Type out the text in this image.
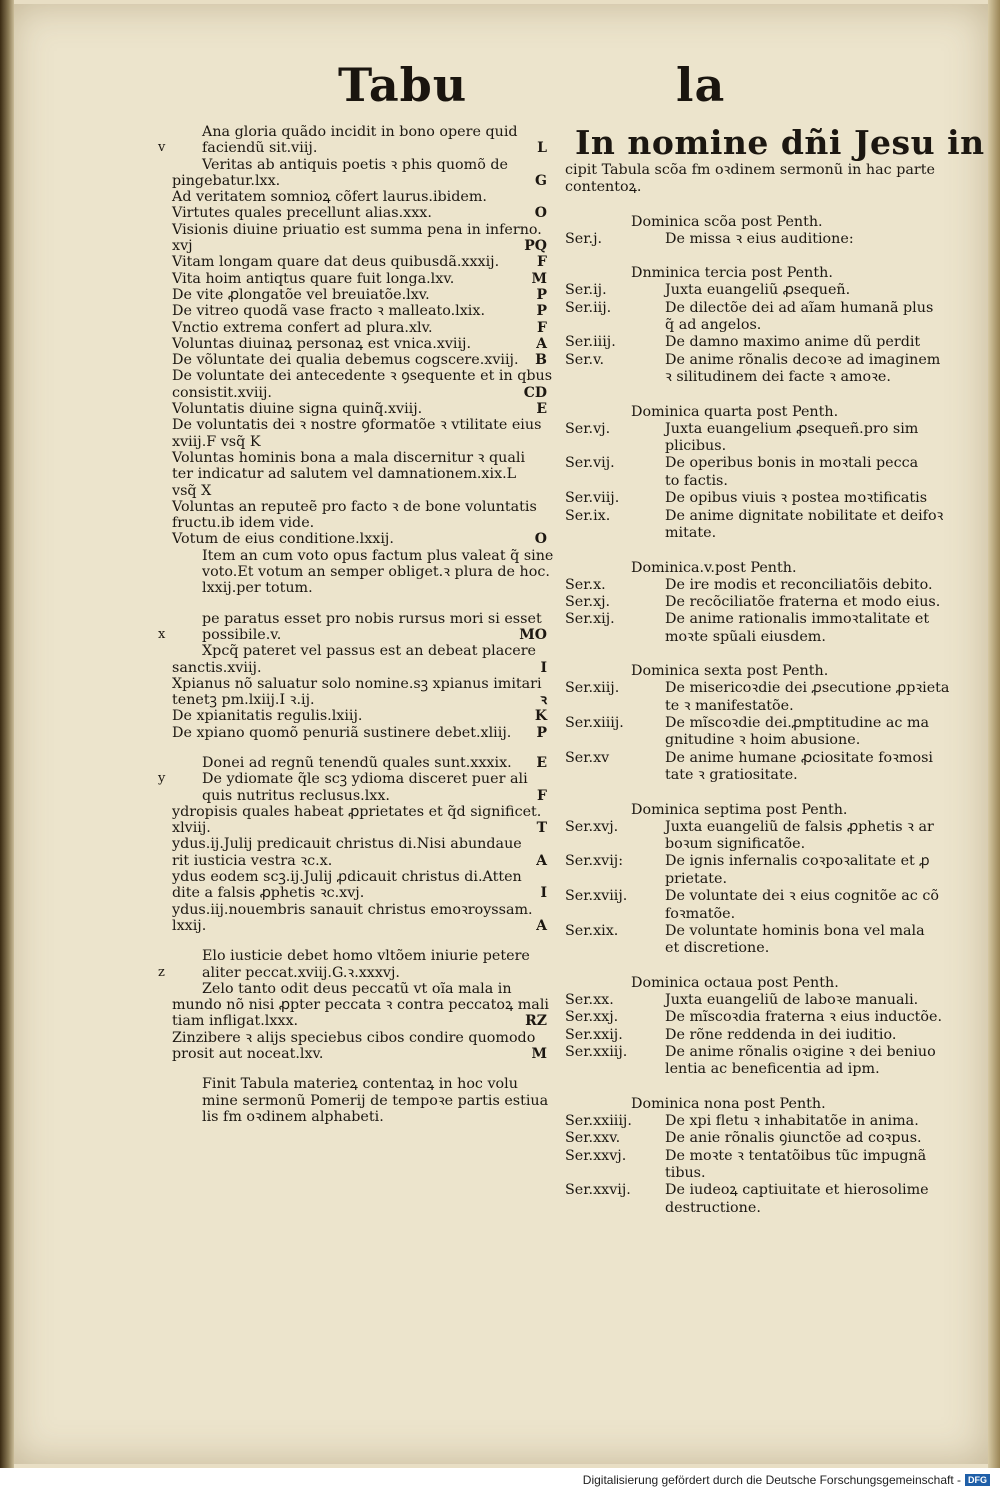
Tabu	la
Ana gloria quãdo incidit in bono opere quid
faciendũ sit.viij.	L
v
Veritas ab antiquis poetis ꝛ phis quomõ de
pingebatur.lxx.	G
Ad veritatem somnioꝝ cõfert laurus.ibidem.
Virtutes quales precellunt alias.xxx.	O
Visionis diuine priuatio est summa pena in inferno.
xvj	PQ
Vitam longam quare dat deus quibusdã.xxxij.	F
Vita hoim antiqtus quare fuit longa.lxv.	M
De vite ꝓlongatõe vel breuiatõe.lxv.	P
De vitreo quodã vase fracto ꝛ malleato.lxix.	P
Vnctio extrema confert ad plura.xlv.	F
Voluntas diuinaꝝ personaꝝ est vnica.xviij.	A
De võluntate dei qualia debemus cogscere.xviij. B
De voluntate dei antecedente ꝛ ꝯsequente et in qbus
consistit.xviij.	CD
Voluntatis diuine signa quinq̃.xviij.	E
De voluntatis dei ꝛ nostre ꝯformatõe ꝛ vtilitate eius
xviij.F vsq̃ K
Voluntas hominis bona a mala discernitur ꝛ quali
ter indicatur ad salutem vel damnationem.xix.L
vsq̃ X
Voluntas an reputeẽ pro facto ꝛ de bone voluntatis
fructu.ib idem vide.
Votum de eius conditione.lxxij.	O
Item an cum voto opus factum plus valeat q̃ sine
voto.Et votum an semper obliget.ꝛ plura de hoc.
lxxij.per totum.
pe paratus esset pro nobis rursus mori si esset
possibile.v.	MO
x
Xpcq̃ pateret vel passus est an debeat placere
sanctis.xviij.	I
Xpianus nõ saluatur solo nomine.sꝫ xpianus imitari
tenetꝫ pm.lxiij.I ꝛ.ij.	ꝛ
De xpianitatis regulis.lxiij.	K
De xpiano quomõ penuriã sustinere debet.xliij. P
Donei ad regnũ tenendũ quales sunt.xxxix. E
De ydiomate q̃le scꝫ ydioma disceret puer ali
y
quis nutritus reclusus.lxx.	F
ydropisis quales habeat ꝓprietates et q̃d significet.
xlviij.	T
ydus.ij.Julij predicauit christus di.Nisi abundaue
rit iusticia vestra ꝛc.x.	A
ydus eodem scꝫ.ij.Julij ꝓdicauit christus di.Atten
dite a falsis ꝓphetis ꝛc.xvj.	I
ydus.iij.nouembris sanauit christus emoꝛroyssam.
lxxij.	A
Elo iusticie debet homo vltõem iniurie petere
aliter peccat.xviij.G.ꝛ.xxxvj.
z
Zelo tanto odit deus peccatũ vt oĩa mala in
mundo nõ nisi ꝓpter peccata ꝛ contra peccatoꝝ mali
tiam infligat.lxxx.	RZ
Zinzibere ꝛ alijs speciebus cibos condire quomodo
prosit aut noceat.lxv.	M
Finit Tabula materieꝝ contentaꝝ in hoc volu
mine sermonũ Pomerij de tempoꝛe partis estiua
lis fm oꝛdinem alphabeti.
In nomine dñi Jesu in
cipit Tabula scõa fm oꝛdinem sermonũ in hac parte
contentoꝝ.
Dominica scõa post Penth.
Ser.j.	De missa ꝛ eius auditione:
Dnminica tercia post Penth.
Ser.ij.	Juxta euangeliũ ꝓsequeñ.
Ser.iij.	De dilectõe dei ad aĩam humanã plus
q̃ ad angelos.
Ser.iiij.	De damno maximo anime dũ perdit
Ser.v.	De anime rõnalis decoꝛe ad imaginem
ꝛ silitudinem dei facte ꝛ amoꝛe.
Dominica quarta post Penth.
Ser.vj.	Juxta euangelium ꝓsequeñ.pro sim
plicibus.
Ser.vij.	De operibus bonis in moꝛtali pecca
to factis.
Ser.viij.	De opibus viuis ꝛ postea moꝛtificatis
Ser.ix.	De anime dignitate nobilitate et deifoꝛ
mitate.
Dominica.v.post Penth.
Ser.x.	De ire modis et reconciliatõis debito.
Ser.xj.	De recõciliatõe fraterna et modo eius.
Ser.xij.	De anime rationalis immoꝛtalitate et
moꝛte spũali eiusdem.
Dominica sexta post Penth.
Ser.xiij.	De misericoꝛdie dei ꝓsecutione ꝓpꝛieta
te ꝛ manifestatõe.
Ser.xiiij.	De mĩscoꝛdie dei.ꝓmptitudine ac ma
gnitudine ꝛ hoim abusione.
Ser.xv	De anime humane ꝓciositate foꝛmosi
tate ꝛ gratiositate.
Dominica septima post Penth.
Ser.xvj.	Juxta euangeliũ de falsis ꝓphetis ꝛ ar
boꝛum significatõe.
Ser.xvij:	De ignis infernalis coꝛpoꝛalitate et ꝓ
prietate.
Ser.xviij.	De voluntate dei ꝛ eius cognitõe ac cõ
foꝛmatõe.
Ser.xix.	De voluntate hominis bona vel mala
et discretione.
Dominica octaua post Penth.
Ser.xx.	Juxta euangeliũ de laboꝛe manuali.
Ser.xxj.	De mĩscoꝛdia fraterna ꝛ eius inductõe.
Ser.xxij.	De rõne reddenda in dei iuditio.
Ser.xxiij.	De anime rõnalis oꝛigine ꝛ dei beniuo
lentia ac beneficentia ad ipm.
Dominica nona post Penth.
Ser.xxiiij.	De xpi fletu ꝛ inhabitatõe in anima.
Ser.xxv.	De anie rõnalis ꝯiunctõe ad coꝛpus.
Ser.xxvj.	De moꝛte ꝛ tentatõibus tũc impugnã
tibus.
Ser.xxvij.	De iudeoꝝ captiuitate et hierosolime
destructione.
Digitalisierung gefördert durch die Deutsche Forschungsgemeinschaft - DFG
